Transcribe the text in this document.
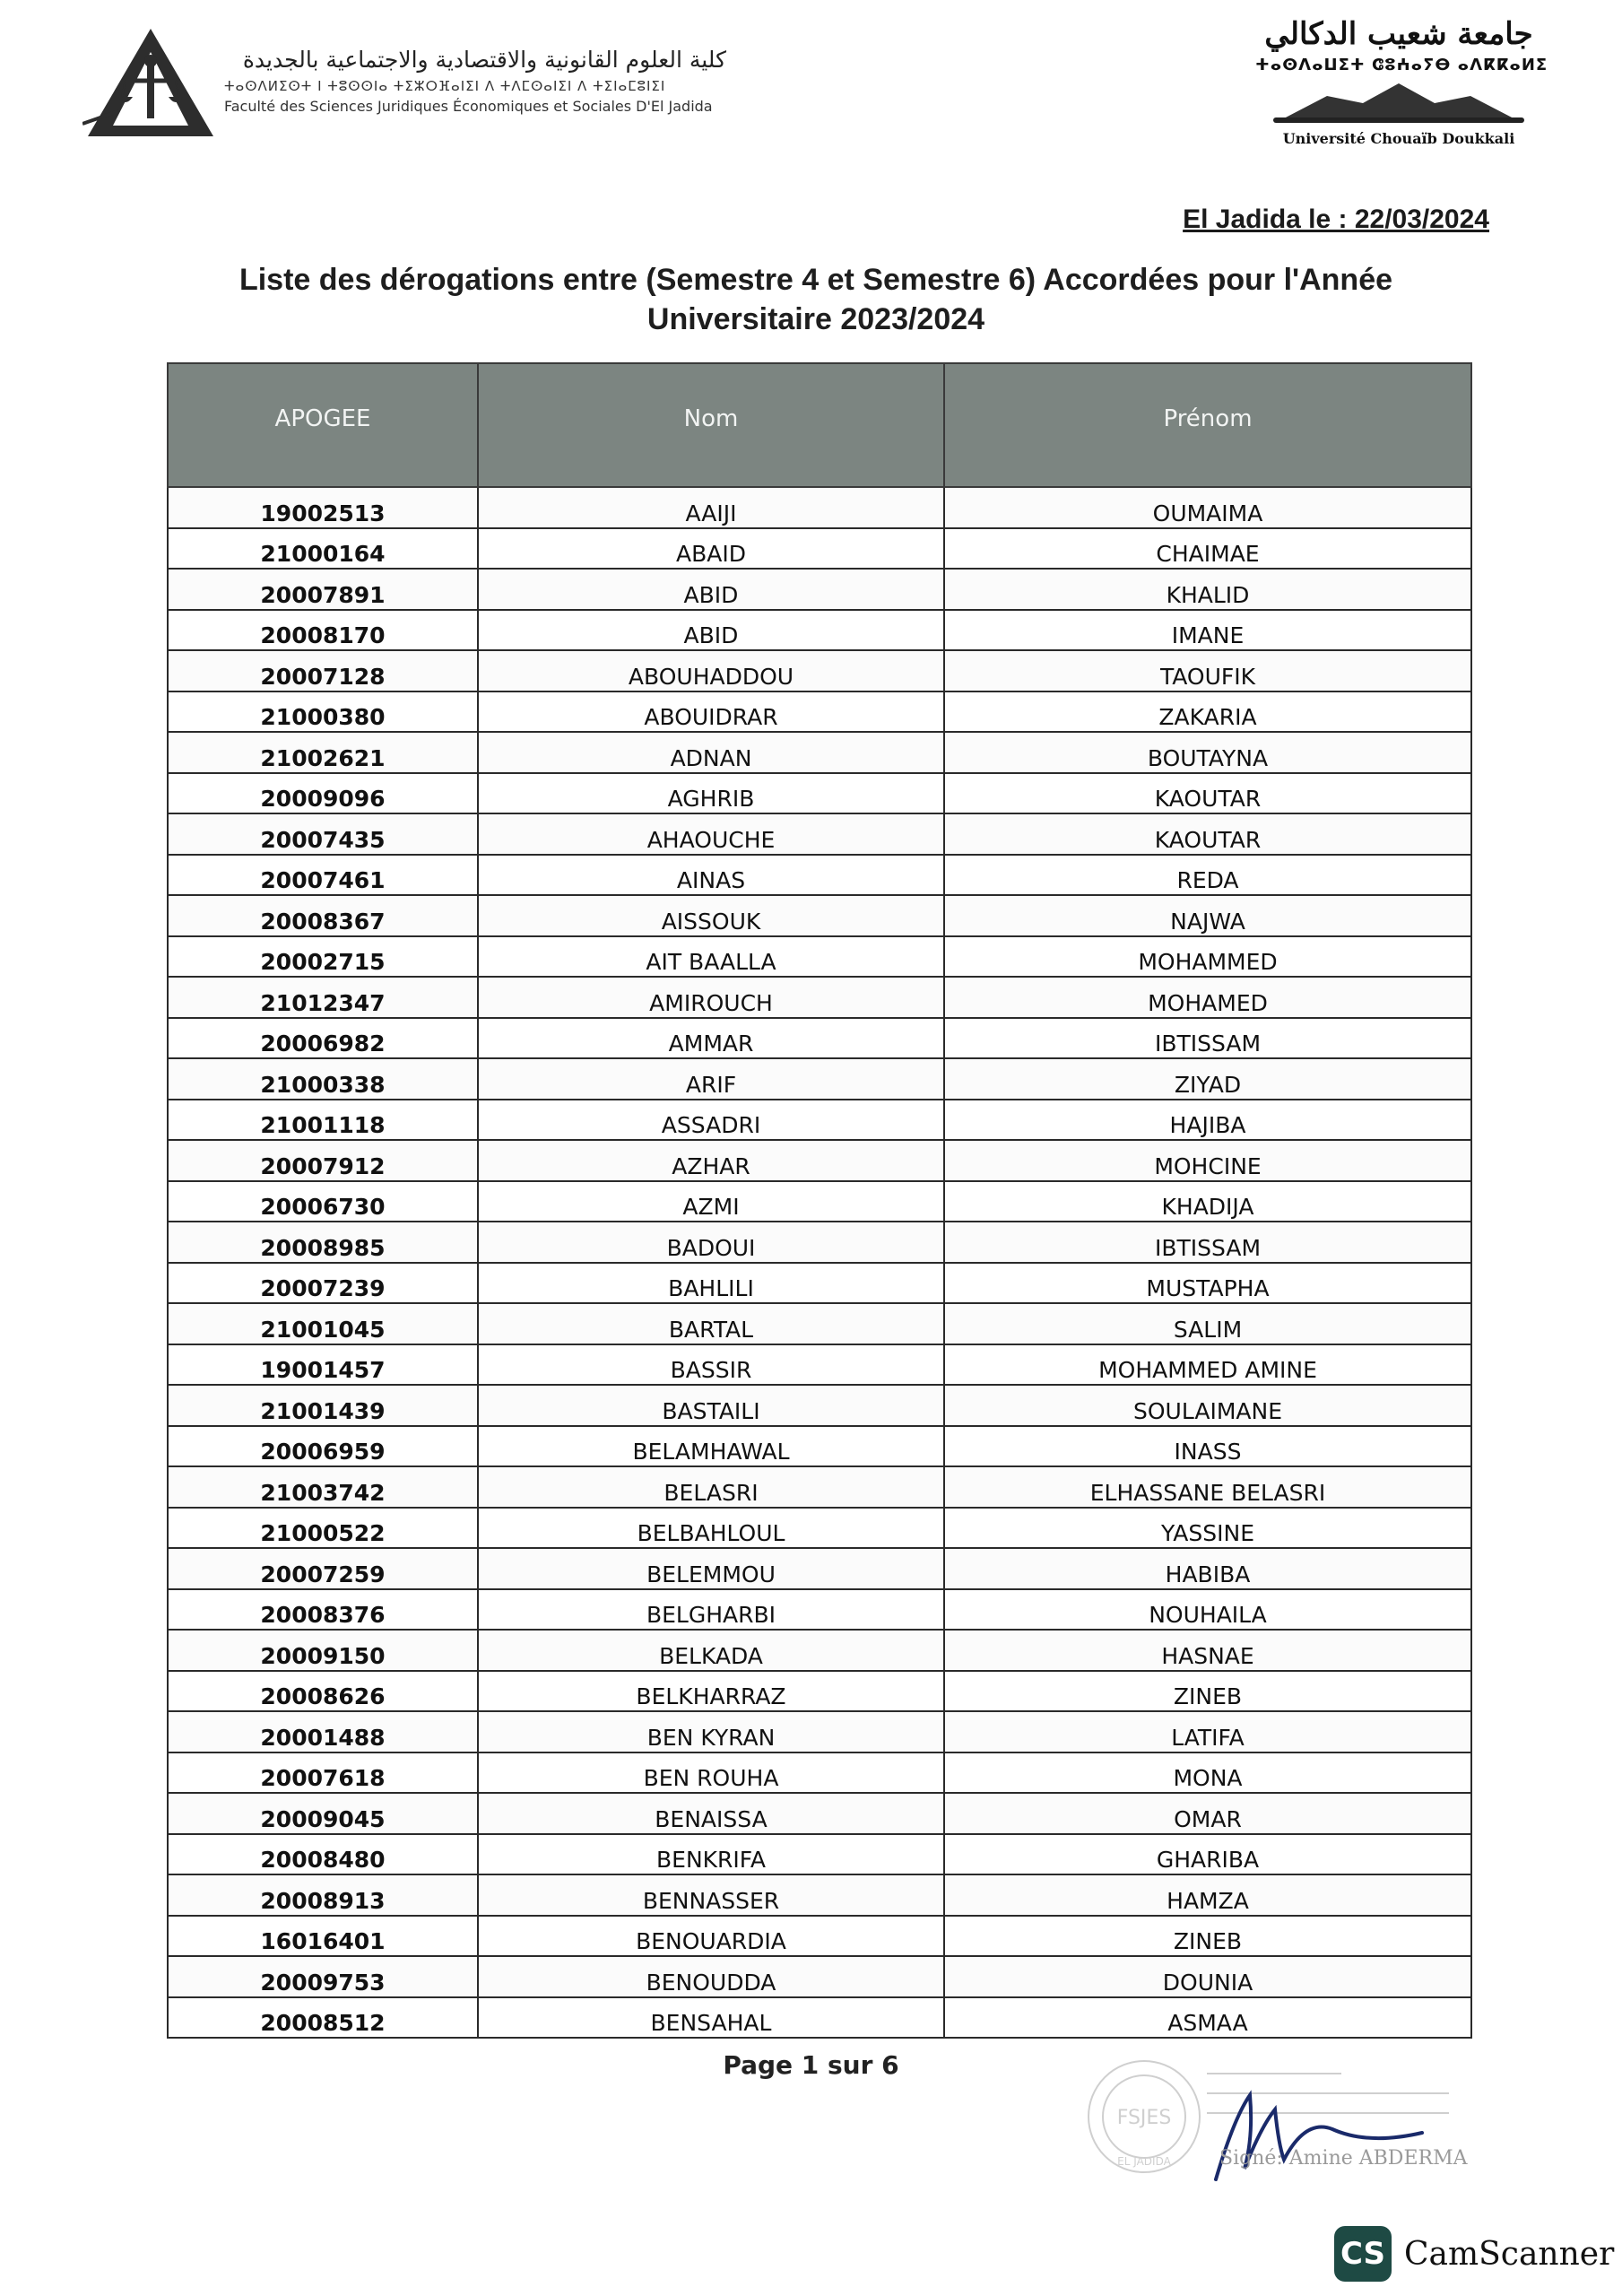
كلية العلوم القانونية والاقتصادية والاجتماعية بالجديدة
ⵜⴰⵙⴷⵍⵉⵙⵜ ⵏ ⵜⵓⵙⵙⵏⴰ ⵜⵉⵣⵔⴼⴰⵏⵉⵏ ⴷ ⵜⴷⵎⵙⴰⵏⵉⵏ ⴷ ⵜⵉⵏⴰⵎⵓⵏⵉⵏ
Faculté des Sciences Juridiques Économiques et Sociales D'El Jadida
جامعة شعيب الدكالي
ⵜⴰⵙⴷⴰⵡⵉⵜ ⵛⵓⵄⴰⵢⴱ ⴰⴷⴽⴽⴰⵍⵉ
Université Chouaïb Doukkali
El Jadida le : 22/03/2024
Liste des dérogations entre (Semestre 4 et Semestre 6) Accordées pour l'Année
Universitaire 2023/2024
APOGEE	Nom	Prénom
19002513	AAIJI	OUMAIMA
21000164	ABAID	CHAIMAE
20007891	ABID	KHALID
20008170	ABID	IMANE
20007128	ABOUHADDOU	TAOUFIK
21000380	ABOUIDRAR	ZAKARIA
21002621	ADNAN	BOUTAYNA
20009096	AGHRIB	KAOUTAR
20007435	AHAOUCHE	KAOUTAR
20007461	AINAS	REDA
20008367	AISSOUK	NAJWA
20002715	AIT BAALLA	MOHAMMED
21012347	AMIROUCH	MOHAMED
20006982	AMMAR	IBTISSAM
21000338	ARIF	ZIYAD
21001118	ASSADRI	HAJIBA
20007912	AZHAR	MOHCINE
20006730	AZMI	KHADIJA
20008985	BADOUI	IBTISSAM
20007239	BAHLILI	MUSTAPHA
21001045	BARTAL	SALIM
19001457	BASSIR	MOHAMMED AMINE
21001439	BASTAILI	SOULAIMANE
20006959	BELAMHAWAL	INASS
21003742	BELASRI	ELHASSANE BELASRI
21000522	BELBAHLOUL	YASSINE
20007259	BELEMMOU	HABIBA
20008376	BELGHARBI	NOUHAILA
20009150	BELKADA	HASNAE
20008626	BELKHARRAZ	ZINEB
20001488	BEN KYRAN	LATIFA
20007618	BEN ROUHA	MONA
20009045	BENAISSA	OMAR
20008480	BENKRIFA	GHARIBA
20008913	BENNASSER	HAMZA
16016401	BENOUARDIA	ZINEB
20009753	BENOUDDA	DOUNIA
20008512	BENSAHAL	ASMAA
Page 1 sur 6
FSJES
EL JADIDA Signé: Amine ABDERMA
CS CamScanner
